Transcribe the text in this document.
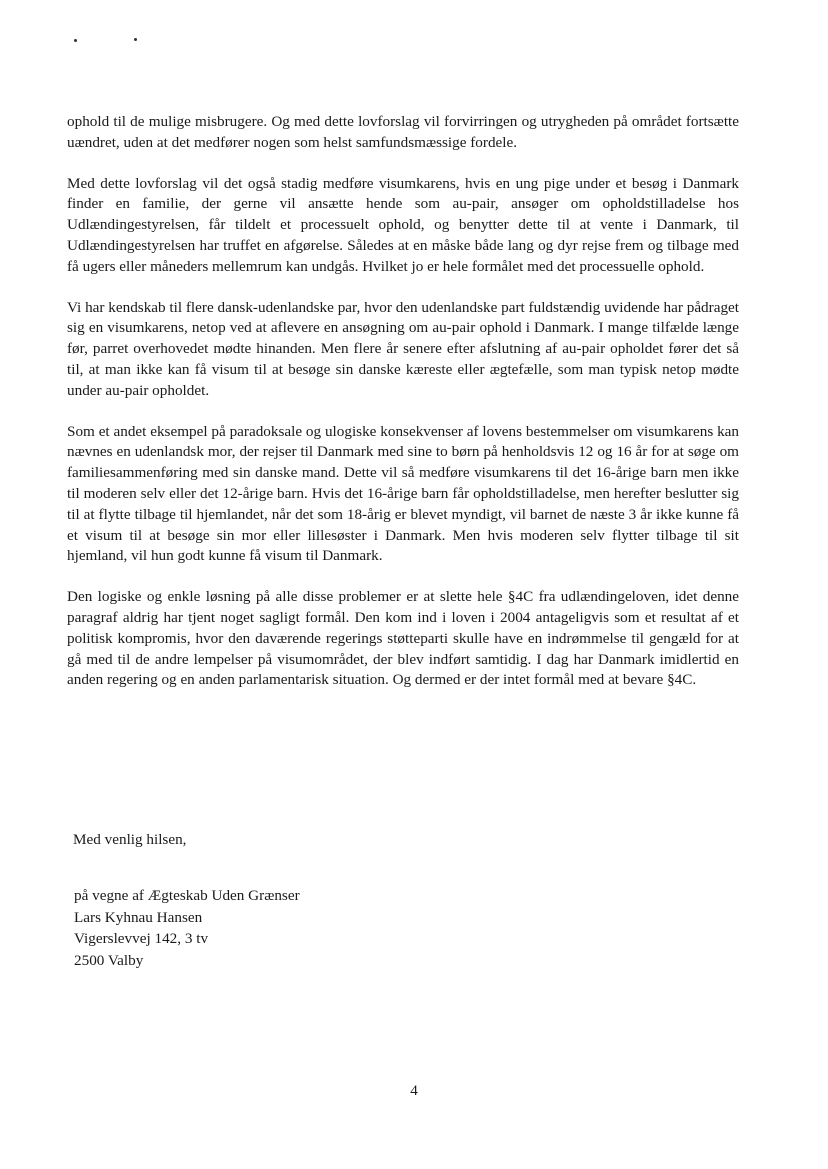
ophold til de mulige misbrugere. Og med dette lovforslag vil forvirringen og utrygheden på området fortsætte uændret, uden at det medfører nogen som helst samfundsmæssige fordele.

Med dette lovforslag vil det også stadig medføre visumkarens, hvis en ung pige under et besøg i Danmark finder en familie, der gerne vil ansætte hende som au-pair, ansøger om opholdstilladelse hos Udlændingestyrelsen, får tildelt et processuelt ophold, og benytter dette til at vente i Danmark, til Udlændingestyrelsen har truffet en afgørelse. Således at en måske både lang og dyr rejse frem og tilbage med få ugers eller måneders mellemrum kan undgås. Hvilket jo er hele formålet med det processuelle ophold.

Vi har kendskab til flere dansk-udenlandske par, hvor den udenlandske part fuldstændig uvidende har pådraget sig en visumkarens, netop ved at aflevere en ansøgning om au-pair ophold i Danmark. I mange tilfælde længe før, parret overhovedet mødte hinanden. Men flere år senere efter afslutning af au-pair opholdet fører det så til, at man ikke kan få visum til at besøge sin danske kæreste eller ægtefælle, som man typisk netop mødte under au-pair opholdet.

Som et andet eksempel på paradoksale og ulogiske konsekvenser af lovens bestemmelser om visumkarens kan nævnes en udenlandsk mor, der rejser til Danmark med sine to børn på henholdsvis 12 og 16 år for at søge om familiesammenføring med sin danske mand. Dette vil så medføre visumkarens til det 16-årige barn men ikke til moderen selv eller det 12-årige barn. Hvis det 16-årige barn får opholdstilladelse, men herefter beslutter sig til at flytte tilbage til hjemlandet, når det som 18-årig er blevet myndigt, vil barnet de næste 3 år ikke kunne få et visum til at besøge sin mor eller lillesøster i Danmark. Men hvis moderen selv flytter tilbage til sit hjemland, vil hun godt kunne få visum til Danmark.

Den logiske og enkle løsning på alle disse problemer er at slette hele §4C fra udlændingeloven, idet denne paragraf aldrig har tjent noget sagligt formål. Den kom ind i loven i 2004 antageligvis som et resultat af et politisk kompromis, hvor den daværende regerings støtteparti skulle have en indrømmelse til gengæld for at gå med til de andre lempelser på visumområdet, der blev indført samtidig. I dag har Danmark imidlertid en anden regering og en anden parlamentarisk situation. Og dermed er der intet formål med at bevare §4C.

Med venlig hilsen,
på vegne af Ægteskab Uden Grænser
Lars Kyhnau Hansen
Vigerslevvej 142, 3 tv
2500 Valby
4
